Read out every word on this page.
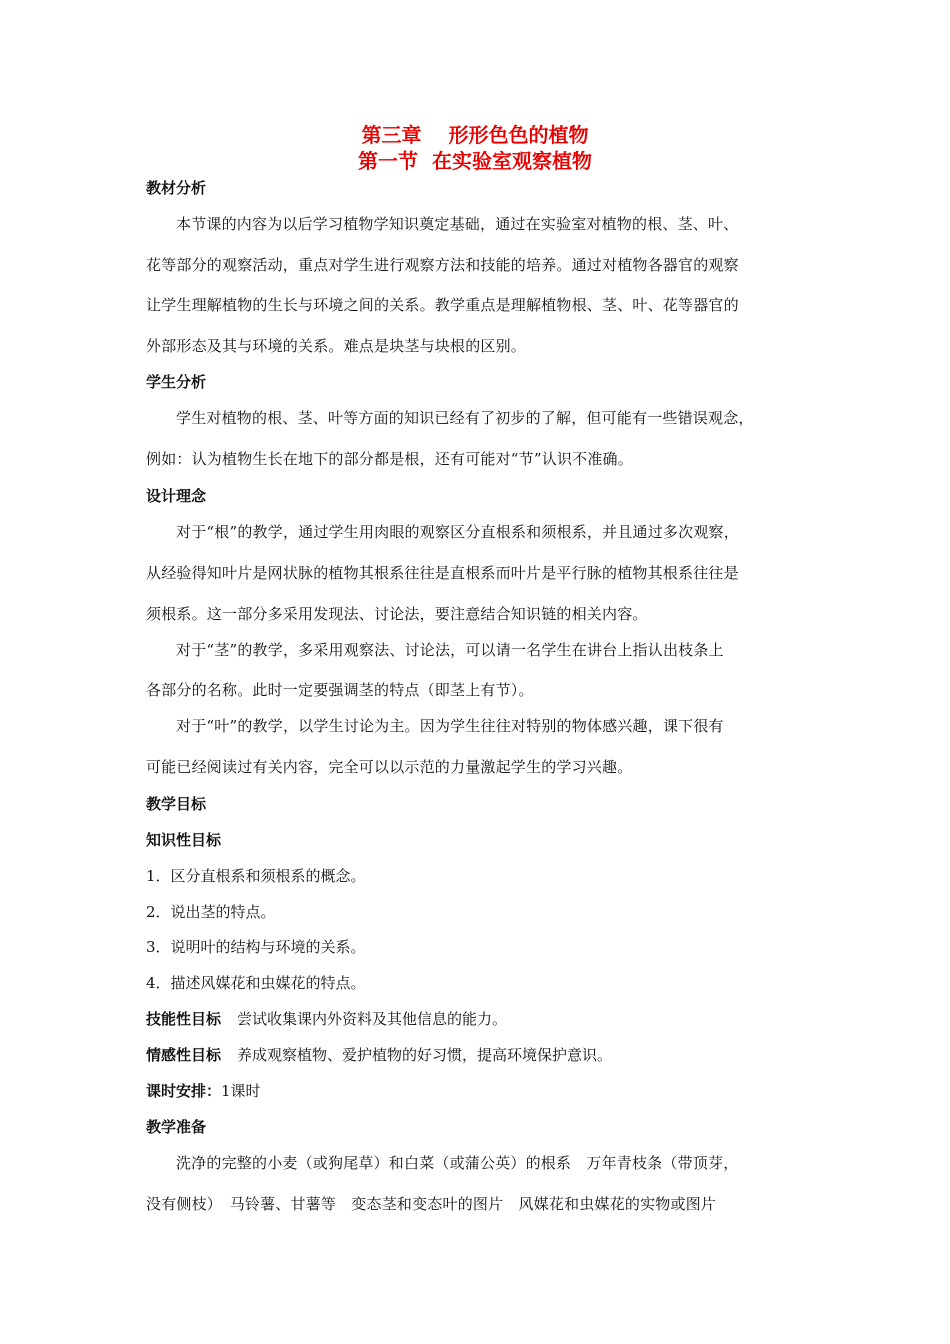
第三章　 形形色色的植物
第一节  在实验室观察植物
教材分析
本节课的内容为以后学习植物学知识奠定基础，通过在实验室对植物的根、茎、叶、
花等部分的观察活动，重点对学生进行观察方法和技能的培养。通过对植物各器官的观察
让学生理解植物的生长与环境之间的关系。教学重点是理解植物根、茎、叶、花等器官的
外部形态及其与环境的关系。难点是块茎与块根的区别。
学生分析
学生对植物的根、茎、叶等方面的知识已经有了初步的了解，但可能有一些错误观念，
例如：认为植物生长在地下的部分都是根，还有可能对“节”认识不准确。
设计理念
对于“根”的教学，通过学生用肉眼的观察区分直根系和须根系，并且通过多次观察，
从经验得知叶片是网状脉的植物其根系往往是直根系而叶片是平行脉的植物其根系往往是
须根系。这一部分多采用发现法、讨论法，要注意结合知识链的相关内容。
对于“茎”的教学，多采用观察法、讨论法，可以请一名学生在讲台上指认出枝条上
各部分的名称。此时一定要强调茎的特点（即茎上有节）。
对于“叶”的教学，以学生讨论为主。因为学生往往对特别的物体感兴趣，课下很有
可能已经阅读过有关内容，完全可以以示范的力量激起学生的学习兴趣。
教学目标
知识性目标
1．区分直根系和须根系的概念。
2．说出茎的特点。
3．说明叶的结构与环境的关系。
4．描述风媒花和虫媒花的特点。
技能性目标 尝试收集课内外资料及其他信息的能力。
情感性目标 养成观察植物、爱护植物的好习惯，提高环境保护意识。
课时安排：1课时
教学准备
洗净的完整的小麦（或狗尾草）和白菜（或蒲公英）的根系　万年青枝条（带顶芽，
没有侧枝）　马铃薯、甘薯等　变态茎和变态叶的图片　风媒花和虫媒花的实物或图片
